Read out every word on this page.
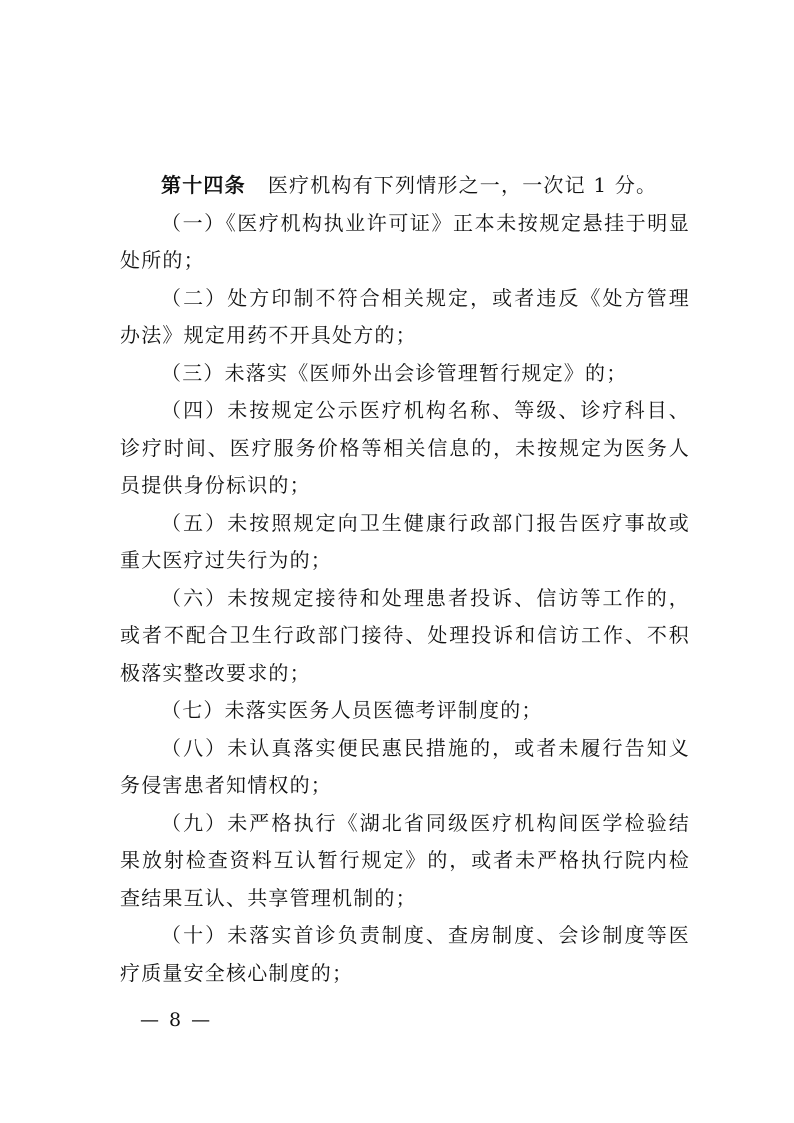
第十四条 医疗机构有下列情形之一，一次记 1 分。

（一）《医疗机构执业许可证》正本未按规定悬挂于明显处所的；

（二）处方印制不符合相关规定，或者违反《处方管理办法》规定用药不开具处方的；

（三）未落实《医师外出会诊管理暂行规定》的；

（四）未按规定公示医疗机构名称、等级、诊疗科目、诊疗时间、医疗服务价格等相关信息的，未按规定为医务人员提供身份标识的；

（五）未按照规定向卫生健康行政部门报告医疗事故或重大医疗过失行为的；

（六）未按规定接待和处理患者投诉、信访等工作的，或者不配合卫生行政部门接待、处理投诉和信访工作、不积极落实整改要求的；

（七）未落实医务人员医德考评制度的；

（八）未认真落实便民惠民措施的，或者未履行告知义务侵害患者知情权的；

（九）未严格执行《湖北省同级医疗机构间医学检验结果放射检查资料互认暂行规定》的，或者未严格执行院内检查结果互认、共享管理机制的；

（十）未落实首诊负责制度、查房制度、会诊制度等医疗质量安全核心制度的；

— 8 —
